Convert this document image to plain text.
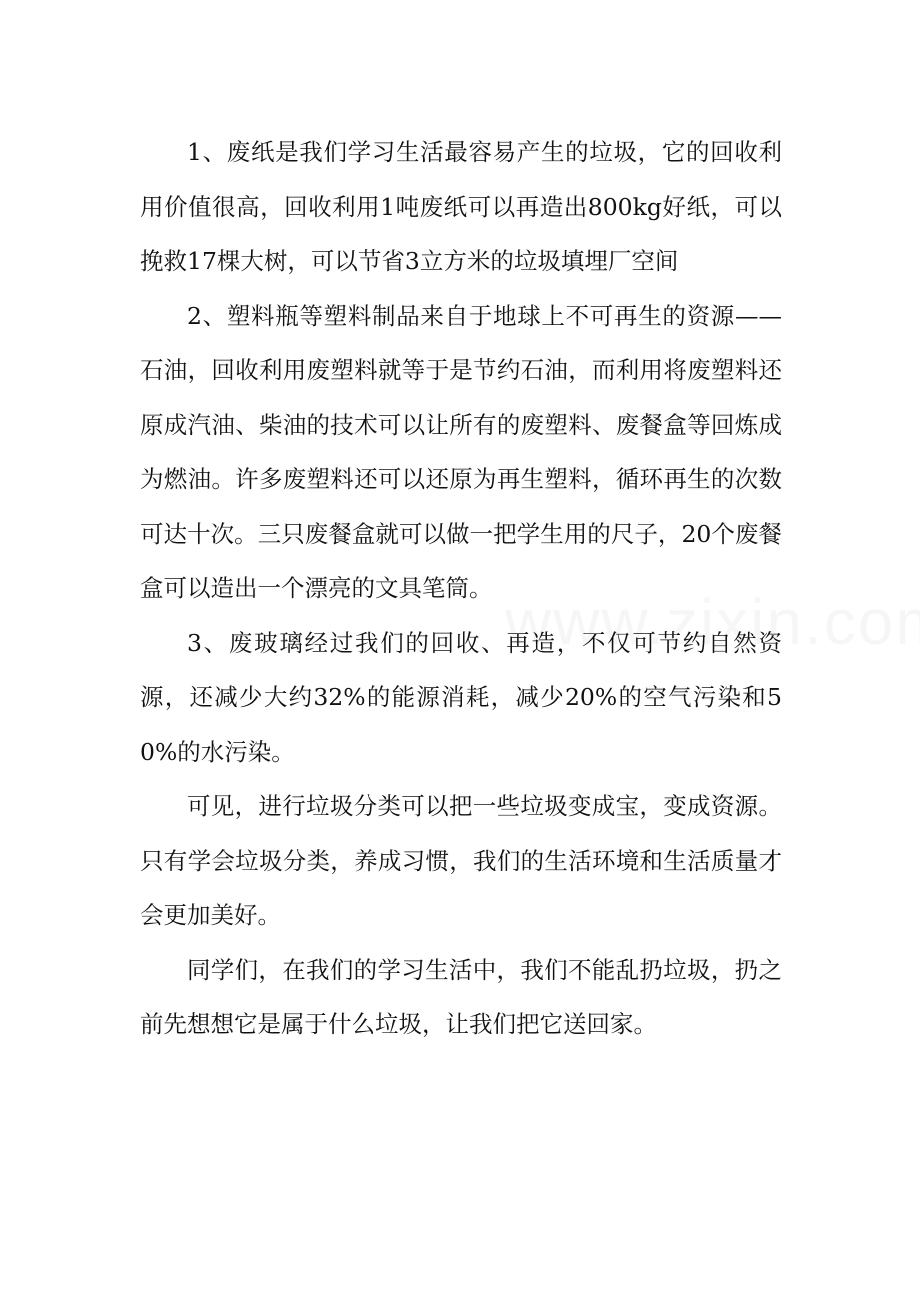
1、废纸是我们学习生活最容易产生的垃圾，它的回收利用价值很高，回收利用1吨废纸可以再造出800kg好纸，可以挽救17棵大树，可以节省3立方米的垃圾填埋厂空间

2、塑料瓶等塑料制品来自于地球上不可再生的资源——石油，回收利用废塑料就等于是节约石油，而利用将废塑料还原成汽油、柴油的技术可以让所有的废塑料、废餐盒等回炼成为燃油。许多废塑料还可以还原为再生塑料，循环再生的次数可达十次。三只废餐盒就可以做一把学生用的尺子，20个废餐盒可以造出一个漂亮的文具笔筒。

3、废玻璃经过我们的回收、再造，不仅可节约自然资源，还减少大约32%的能源消耗，减少20%的空气污染和50%的水污染。

可见，进行垃圾分类可以把一些垃圾变成宝，变成资源。只有学会垃圾分类，养成习惯，我们的生活环境和生活质量才会更加美好。

同学们，在我们的学习生活中，我们不能乱扔垃圾，扔之前先想想它是属于什么垃圾，让我们把它送回家。
